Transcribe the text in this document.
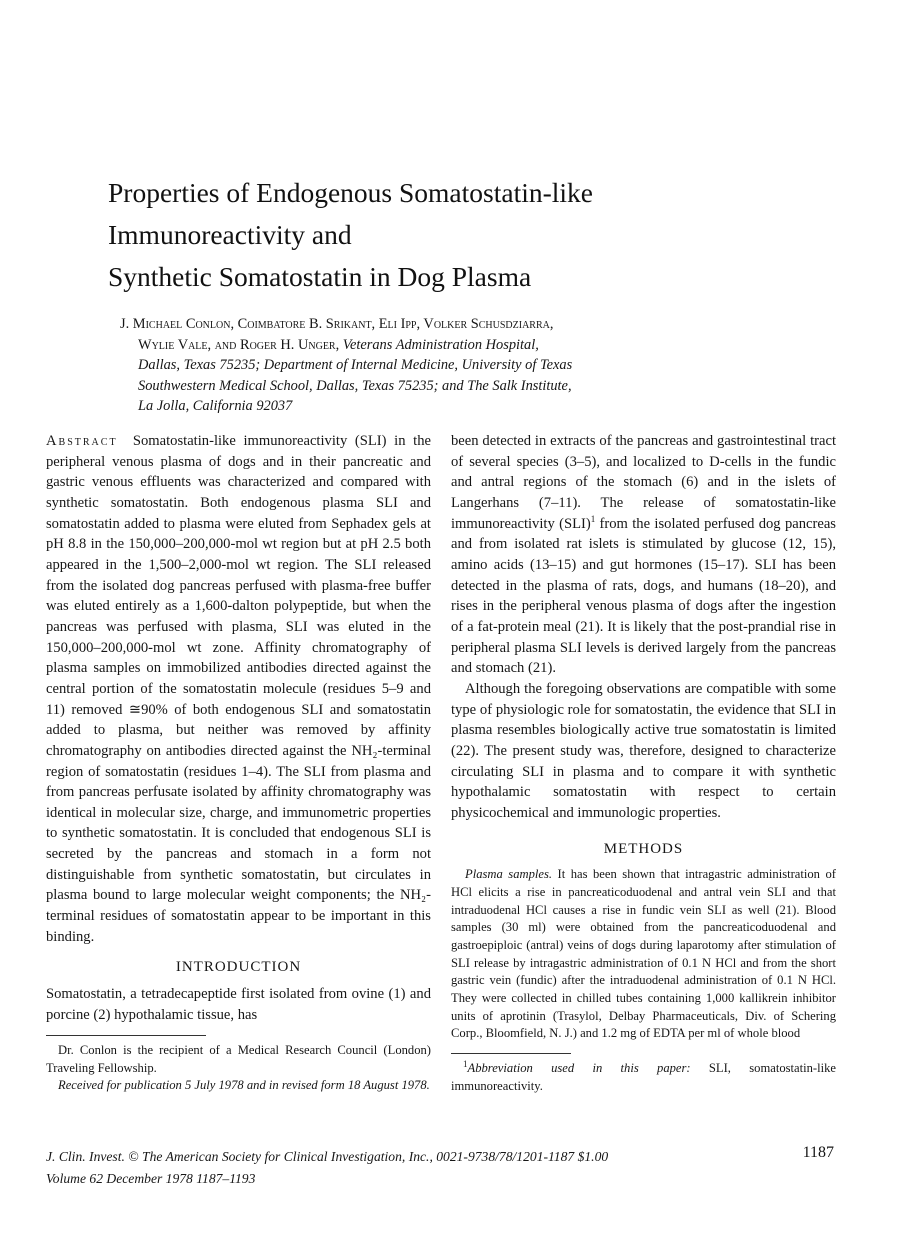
Properties of Endogenous Somatostatin-like
Immunoreactivity and
Synthetic Somatostatin in Dog Plasma
J. Michael Conlon, Coimbatore B. Srikant, Eli Ipp, Volker Schusdziarra,
Wylie Vale, and Roger H. Unger, Veterans Administration Hospital,
Dallas, Texas 75235; Department of Internal Medicine, University of Texas
Southwestern Medical School, Dallas, Texas 75235; and The Salk Institute,
La Jolla, California 92037

Abstract Somatostatin-like immunoreactivity (SLI) in the peripheral venous plasma of dogs and in their pancreatic and gastric venous effluents was characterized and compared with synthetic somatostatin. Both endogenous plasma SLI and somatostatin added to plasma were eluted from Sephadex gels at pH 8.8 in the 150,000–200,000-mol wt region but at pH 2.5 both appeared in the 1,500–2,000-mol wt region. The SLI released from the isolated dog pancreas perfused with plasma-free buffer was eluted entirely as a 1,600-dalton polypeptide, but when the pancreas was perfused with plasma, SLI was eluted in the 150,000–200,000-mol wt zone. Affinity chromatography of plasma samples on immobilized antibodies directed against the central portion of the somatostatin molecule (residues 5–9 and 11) removed ≅90% of both endogenous SLI and somatostatin added to plasma, but neither was removed by affinity chromatography on antibodies directed against the NH₂-terminal region of somatostatin (residues 1–4). The SLI from plasma and from pancreas perfusate isolated by affinity chromatography was identical in molecular size, charge, and immunometric properties to synthetic somatostatin. It is concluded that endogenous SLI is secreted by the pancreas and stomach in a form not distinguishable from synthetic somatostatin, but circulates in plasma bound to large molecular weight components; the NH₂-terminal residues of somatostatin appear to be important in this binding.

INTRODUCTION

Somatostatin, a tetradecapeptide first isolated from ovine (1) and porcine (2) hypothalamic tissue, has

Dr. Conlon is the recipient of a Medical Research Council (London) Traveling Fellowship.

Received for publication 5 July 1978 and in revised form 18 August 1978.

been detected in extracts of the pancreas and gastrointestinal tract of several species (3–5), and localized to D-cells in the fundic and antral regions of the stomach (6) and in the islets of Langerhans (7–11). The release of somatostatin-like immunoreactivity (SLI)$^1$ from the isolated perfused dog pancreas and from isolated rat islets is stimulated by glucose (12, 15), amino acids (13–15) and gut hormones (15–17). SLI has been detected in the plasma of rats, dogs, and humans (18–20), and rises in the peripheral venous plasma of dogs after the ingestion of a fat-protein meal (21). It is likely that the post-prandial rise in peripheral plasma SLI levels is derived largely from the pancreas and stomach (21).

Although the foregoing observations are compatible with some type of physiologic role for somatostatin, the evidence that SLI in plasma resembles biologically active true somatostatin is limited (22). The present study was, therefore, designed to characterize circulating SLI in plasma and to compare it with synthetic hypothalamic somatostatin with respect to certain physicochemical and immunologic properties.

METHODS

Plasma samples. It has been shown that intragastric administration of HCl elicits a rise in pancreaticoduodenal and antral vein SLI and that intraduodenal HCl causes a rise in fundic vein SLI as well (21). Blood samples (30 ml) were obtained from the pancreaticoduodenal and gastroepiploic (antral) veins of dogs during laparotomy after stimulation of SLI release by intragastric administration of 0.1 N HCl and from the short gastric vein (fundic) after the intraduodenal administration of 0.1 N HCl. They were collected in chilled tubes containing 1,000 kallikrein inhibitor units of aprotinin (Trasylol, Delbay Pharmaceuticals, Div. of Schering Corp., Bloomfield, N. J.) and 1.2 mg of EDTA per ml of whole blood

$^1$Abbreviation used in this paper: SLI, somatostatin-like immunoreactivity.

J. Clin. Invest. © The American Society for Clinical Investigation, Inc., 0021-9738/78/1201-1187 $1.00
Volume 62 December 1978 1187–1193
1187
